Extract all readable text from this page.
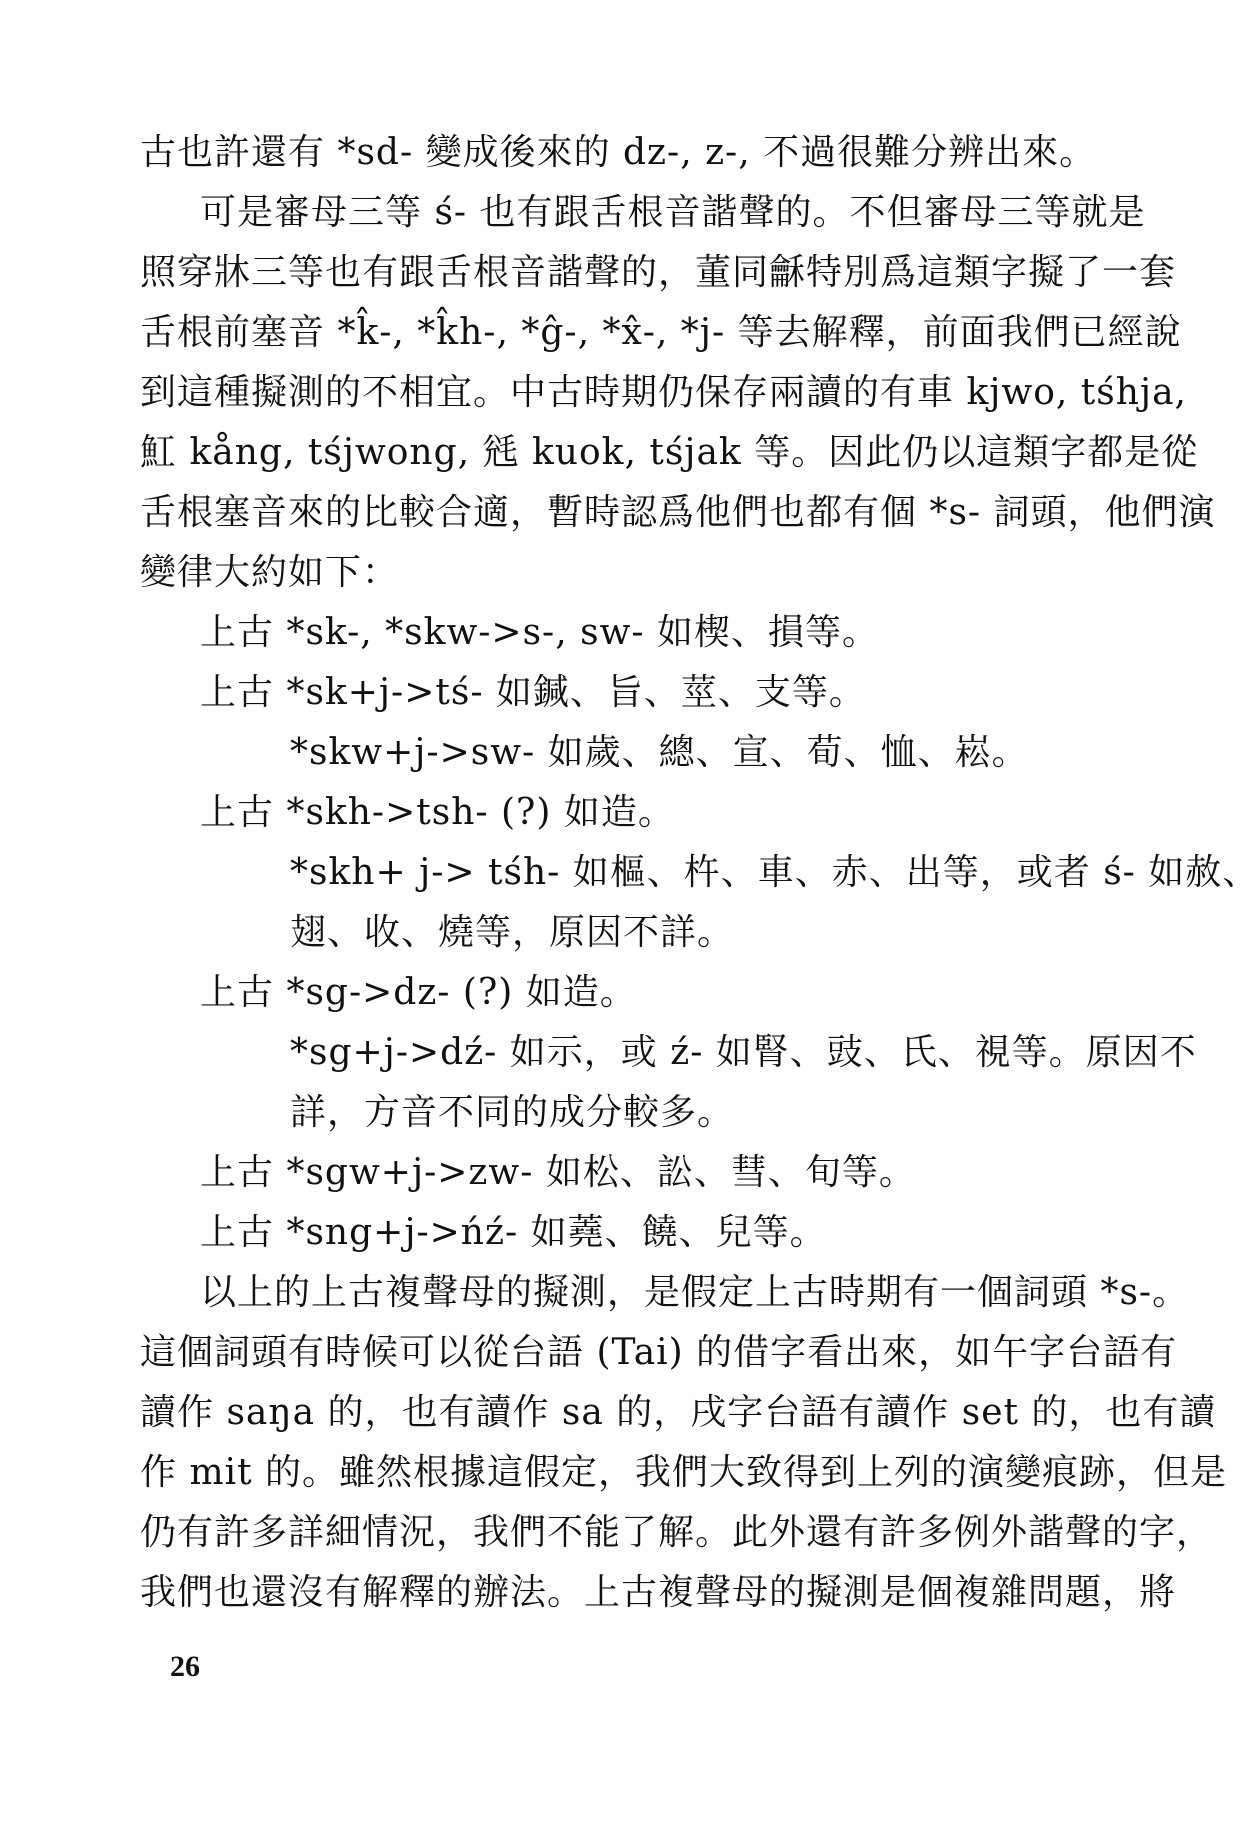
古也許還有 *sd- 變成後來的 dz-, z-, 不過很難分辨出來。
可是審母三等 ś- 也有跟舌根音諧聲的。不但審母三等就是
照穿牀三等也有跟舌根音諧聲的，董同龢特別爲這類字擬了一套
舌根前塞音 *k̂-, *k̂h-, *ĝ-, *x̂-, *j- 等去解釋，前面我們已經說
到這種擬測的不相宜。中古時期仍保存兩讀的有車 kjwo, tśhja,
魟 kång, tśjwong, 毤 kuok, tśjak 等。因此仍以這類字都是從
舌根塞音來的比較合適，暫時認爲他們也都有個 *s- 詞頭，他們演
變律大約如下：
上古 *sk-, *skw->s-, sw- 如楔、損等。
上古 *sk+j->tś- 如鍼、旨、莖、支等。
*skw+j->sw- 如歲、總、宣、荀、恤、崧。
上古 *skh->tsh- (?) 如造。
*skh+ j-> tśh- 如樞、杵、車、赤、出等，或者 ś- 如赦、
翅、收、燒等，原因不詳。
上古 *sg->dz- (?) 如造。
*sg+j->dź- 如示，或 ź- 如腎、豉、氏、視等。原因不
詳，方音不同的成分較多。
上古 *sgw+j->zw- 如松、訟、彗、旬等。
上古 *sng+j->ńź- 如蕘、饒、兒等。
以上的上古複聲母的擬測，是假定上古時期有一個詞頭 *s-。
這個詞頭有時候可以從台語 (Tai) 的借字看出來，如午字台語有
讀作 saŋa 的，也有讀作 sa 的，戌字台語有讀作 set 的，也有讀
作 mit 的。雖然根據這假定，我們大致得到上列的演變痕跡，但是
仍有許多詳細情況，我們不能了解。此外還有許多例外諧聲的字，
我們也還沒有解釋的辦法。上古複聲母的擬測是個複雜問題，將
26
